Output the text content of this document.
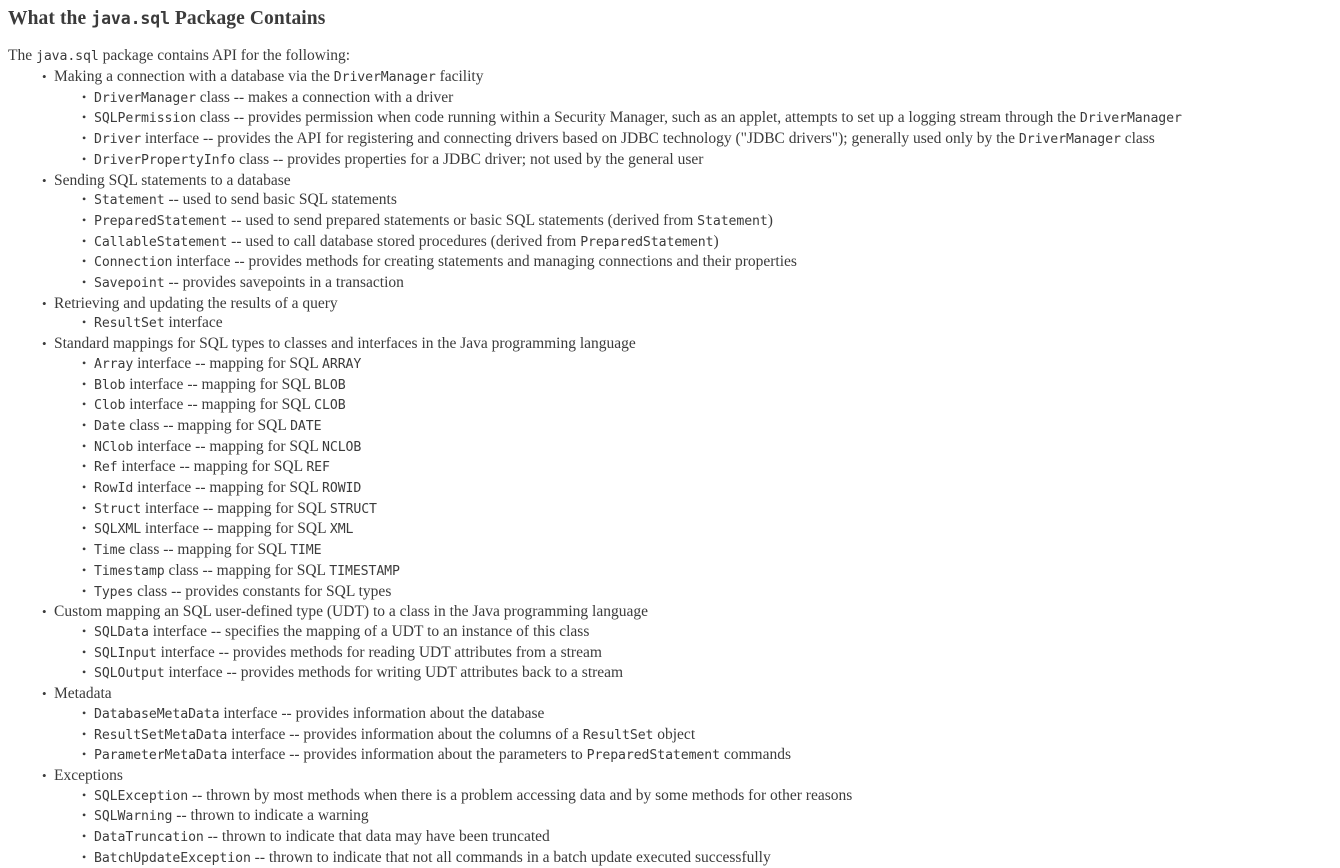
What the java.sql Package Contains

The java.sql package contains API for the following:

• Making a connection with a database via the DriverManager facility
• DriverManager class -- makes a connection with a driver
• SQLPermission class -- provides permission when code running within a Security Manager, such as an applet, attempts to set up a logging stream through the DriverManager
• Driver interface -- provides the API for registering and connecting drivers based on JDBC technology ("JDBC drivers"); generally used only by the DriverManager class
• DriverPropertyInfo class -- provides properties for a JDBC driver; not used by the general user
• Sending SQL statements to a database
• Statement -- used to send basic SQL statements
• PreparedStatement -- used to send prepared statements or basic SQL statements (derived from Statement)
• CallableStatement -- used to call database stored procedures (derived from PreparedStatement)
• Connection interface -- provides methods for creating statements and managing connections and their properties
• Savepoint -- provides savepoints in a transaction
• Retrieving and updating the results of a query
• ResultSet interface
• Standard mappings for SQL types to classes and interfaces in the Java programming language
• Array interface -- mapping for SQL ARRAY
• Blob interface -- mapping for SQL BLOB
• Clob interface -- mapping for SQL CLOB
• Date class -- mapping for SQL DATE
• NClob interface -- mapping for SQL NCLOB
• Ref interface -- mapping for SQL REF
• RowId interface -- mapping for SQL ROWID
• Struct interface -- mapping for SQL STRUCT
• SQLXML interface -- mapping for SQL XML
• Time class -- mapping for SQL TIME
• Timestamp class -- mapping for SQL TIMESTAMP
• Types class -- provides constants for SQL types
• Custom mapping an SQL user-defined type (UDT) to a class in the Java programming language
• SQLData interface -- specifies the mapping of a UDT to an instance of this class
• SQLInput interface -- provides methods for reading UDT attributes from a stream
• SQLOutput interface -- provides methods for writing UDT attributes back to a stream
• Metadata
• DatabaseMetaData interface -- provides information about the database
• ResultSetMetaData interface -- provides information about the columns of a ResultSet object
• ParameterMetaData interface -- provides information about the parameters to PreparedStatement commands
• Exceptions
• SQLException -- thrown by most methods when there is a problem accessing data and by some methods for other reasons
• SQLWarning -- thrown to indicate a warning
• DataTruncation -- thrown to indicate that data may have been truncated
• BatchUpdateException -- thrown to indicate that not all commands in a batch update executed successfully
